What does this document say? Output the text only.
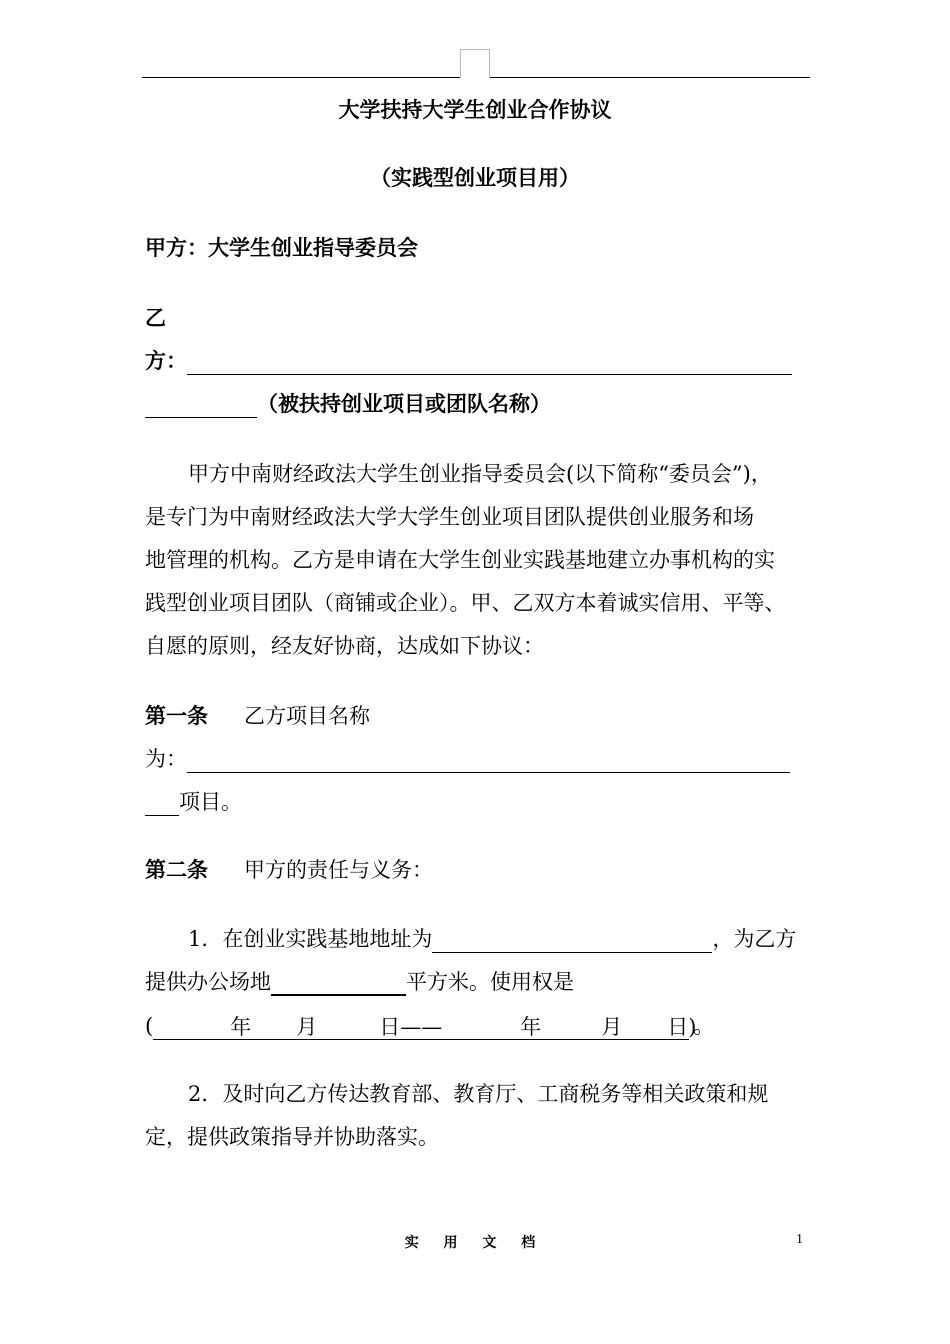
大学扶持大学生创业合作协议
（实践型创业项目用）
甲方：大学生创业指导委员会
乙
方：
（被扶持创业项目或团队名称）
甲方中南财经政法大学生创业指导委员会(以下简称“委员会”)，
是专门为中南财经政法大学大学生创业项目团队提供创业服务和场
地管理的机构。乙方是申请在大学生创业实践基地建立办事机构的实
践型创业项目团队（商铺或企业）。甲、乙双方本着诚实信用、平等、
自愿的原则，经友好协商，达成如下协议：
第一条 乙方项目名称
为：
项目。
第二条 甲方的责任与义务：
1．在创业实践基地地址为	，为乙方
提供办公场地	平方米。使用权是
(	年 月	日——	年	月 日)
。
2．及时向乙方传达教育部、教育厅、工商税务等相关政策和规
定，提供政策指导并协助落实。
实 用 文 档	1
